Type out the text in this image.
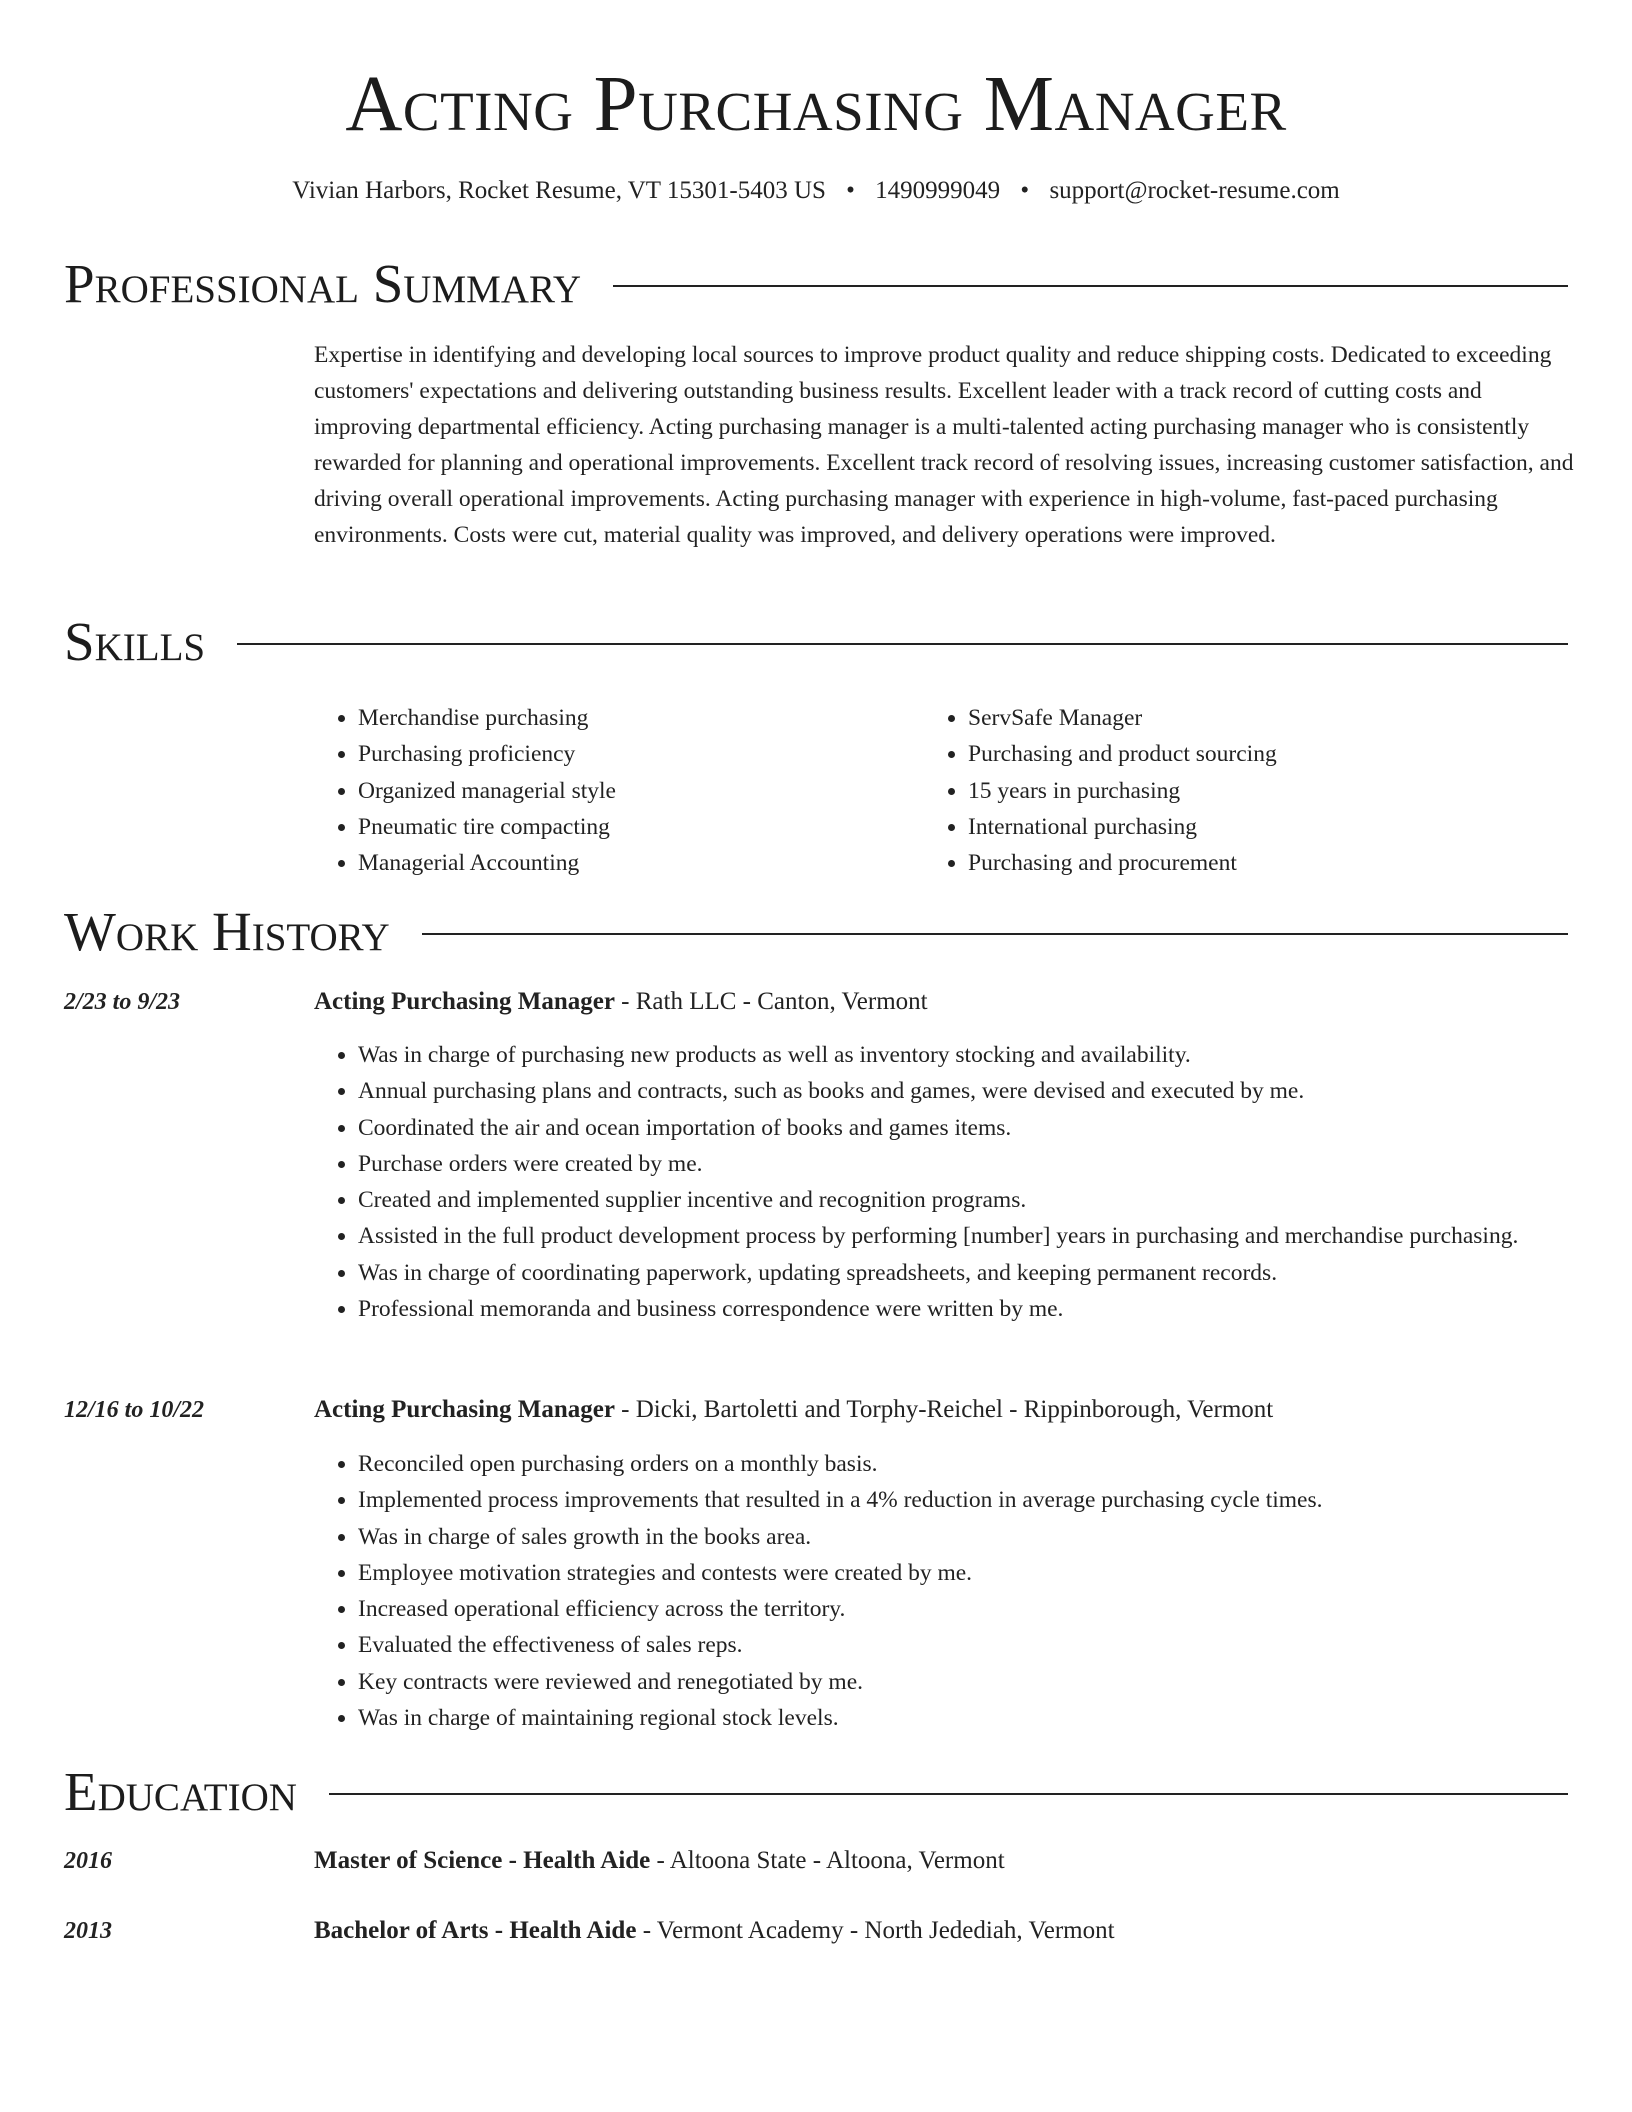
Acting Purchasing Manager
Vivian Harbors, Rocket Resume, VT 15301-5403 US • 1490999049 • support@rocket-resume.com
Professional Summary

Expertise in identifying and developing local sources to improve product quality and reduce shipping costs. Dedicated to exceeding customers' expectations and delivering outstanding business results. Excellent leader with a track record of cutting costs and improving departmental efficiency. Acting purchasing manager is a multi-talented acting purchasing manager who is consistently rewarded for planning and operational improvements. Excellent track record of resolving issues, increasing customer satisfaction, and driving overall operational improvements. Acting purchasing manager with experience in high-volume, fast-paced purchasing environments. Costs were cut, material quality was improved, and delivery operations were improved.

Skills
• Merchandise purchasing
• Purchasing proficiency
• Organized managerial style
• Pneumatic tire compacting
• Managerial Accounting
• ServSafe Manager
• Purchasing and product sourcing
• 15 years in purchasing
• International purchasing
• Purchasing and procurement
Work History
2/23 to 9/23	Acting Purchasing Manager - Rath LLC - Canton, Vermont
• Was in charge of purchasing new products as well as inventory stocking and availability.
• Annual purchasing plans and contracts, such as books and games, were devised and executed by me.
• Coordinated the air and ocean importation of books and games items.
• Purchase orders were created by me.
• Created and implemented supplier incentive and recognition programs.
• Assisted in the full product development process by performing [number] years in purchasing and merchandise purchasing.
• Was in charge of coordinating paperwork, updating spreadsheets, and keeping permanent records.
• Professional memoranda and business correspondence were written by me.
12/16 to 10/22	Acting Purchasing Manager - Dicki, Bartoletti and Torphy-Reichel - Rippinborough, Vermont
• Reconciled open purchasing orders on a monthly basis.
• Implemented process improvements that resulted in a 4% reduction in average purchasing cycle times.
• Was in charge of sales growth in the books area.
• Employee motivation strategies and contests were created by me.
• Increased operational efficiency across the territory.
• Evaluated the effectiveness of sales reps.
• Key contracts were reviewed and renegotiated by me.
• Was in charge of maintaining regional stock levels.
Education
2016	Master of Science - Health Aide - Altoona State - Altoona, Vermont
2013	Bachelor of Arts - Health Aide - Vermont Academy - North Jedediah, Vermont
